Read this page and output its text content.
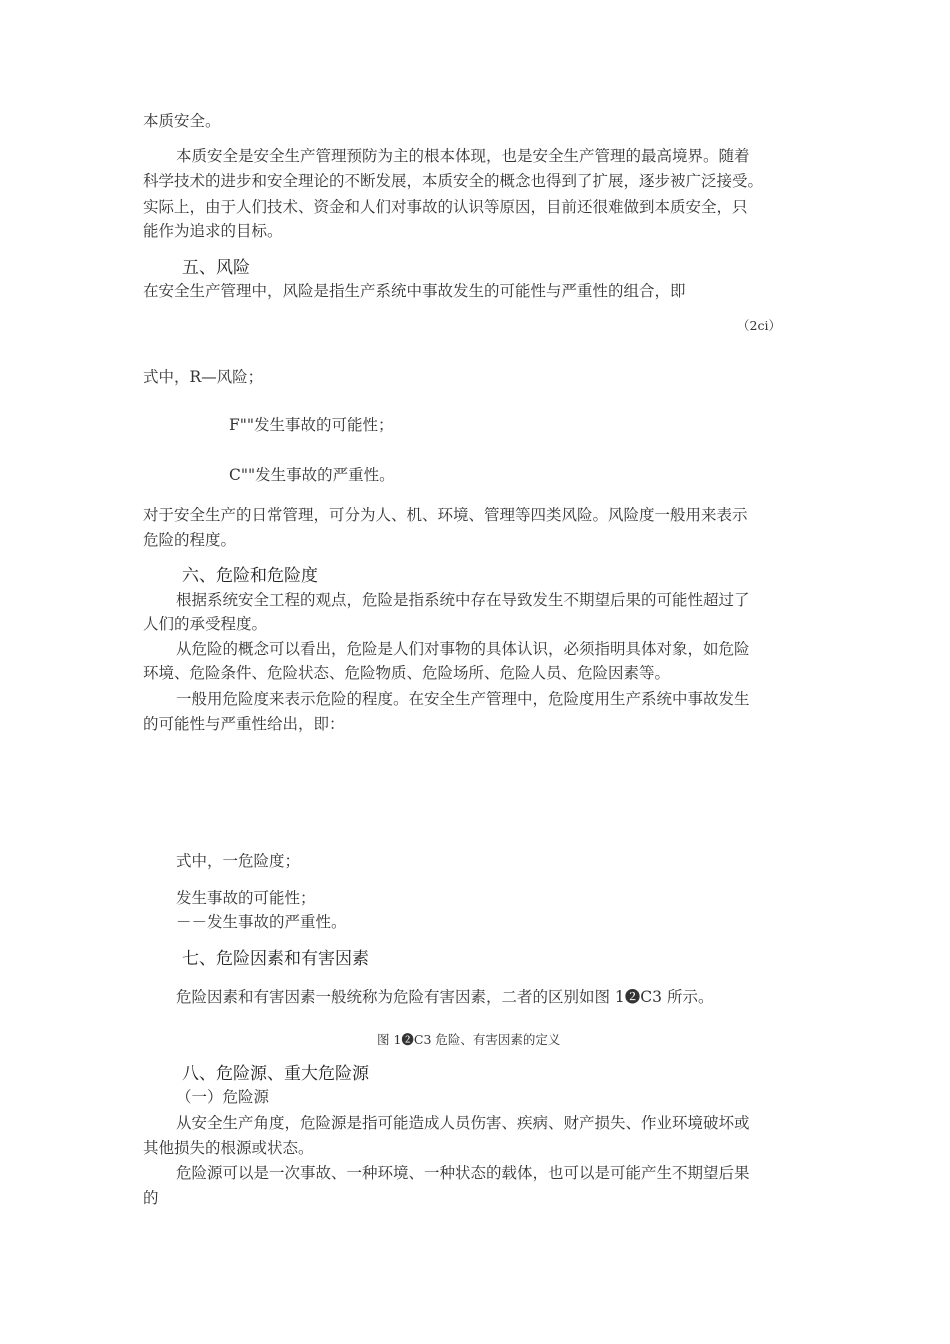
本质安全。

本质安全是安全生产管理预防为主的根本体现，也是安全生产管理的最高境界。随着

科学技术的进步和安全理论的不断发展，本质安全的概念也得到了扩展，逐步被广泛接受。

实际上，由于人们技术、资金和人们对事故的认识等原因，目前还很难做到本质安全，只

能作为追求的目标。

五、风险

在安全生产管理中，风险是指生产系统中事故发生的可能性与严重性的组合，即

（2ci）

式中，R—风险；

F""发生事故的可能性；

C""发生事故的严重性。

对于安全生产的日常管理，可分为人、机、环境、管理等四类风险。风险度一般用来表示

危险的程度。

六、危险和危险度

根据系统安全工程的观点，危险是指系统中存在导致发生不期望后果的可能性超过了

人们的承受程度。

从危险的概念可以看出，危险是人们对事物的具体认识，必须指明具体对象，如危险

环境、危险条件、危险状态、危险物质、危险场所、危险人员、危险因素等。

一般用危险度来表示危险的程度。在安全生产管理中，危险度用生产系统中事故发生

的可能性与严重性给出，即：

式中，一危险度；

发生事故的可能性；

－－发生事故的严重性。

七、危险因素和有害因素

危险因素和有害因素一般统称为危险有害因素，二者的区别如图 1❷C3 所示。

图 1❷C3 危险、有害因素的定义

八、危险源、重大危险源

（一）危险源

从安全生产角度，危险源是指可能造成人员伤害、疾病、财产损失、作业环境破坏或

其他损失的根源或状态。

危险源可以是一次事故、一种环境、一种状态的载体，也可以是可能产生不期望后果

的
